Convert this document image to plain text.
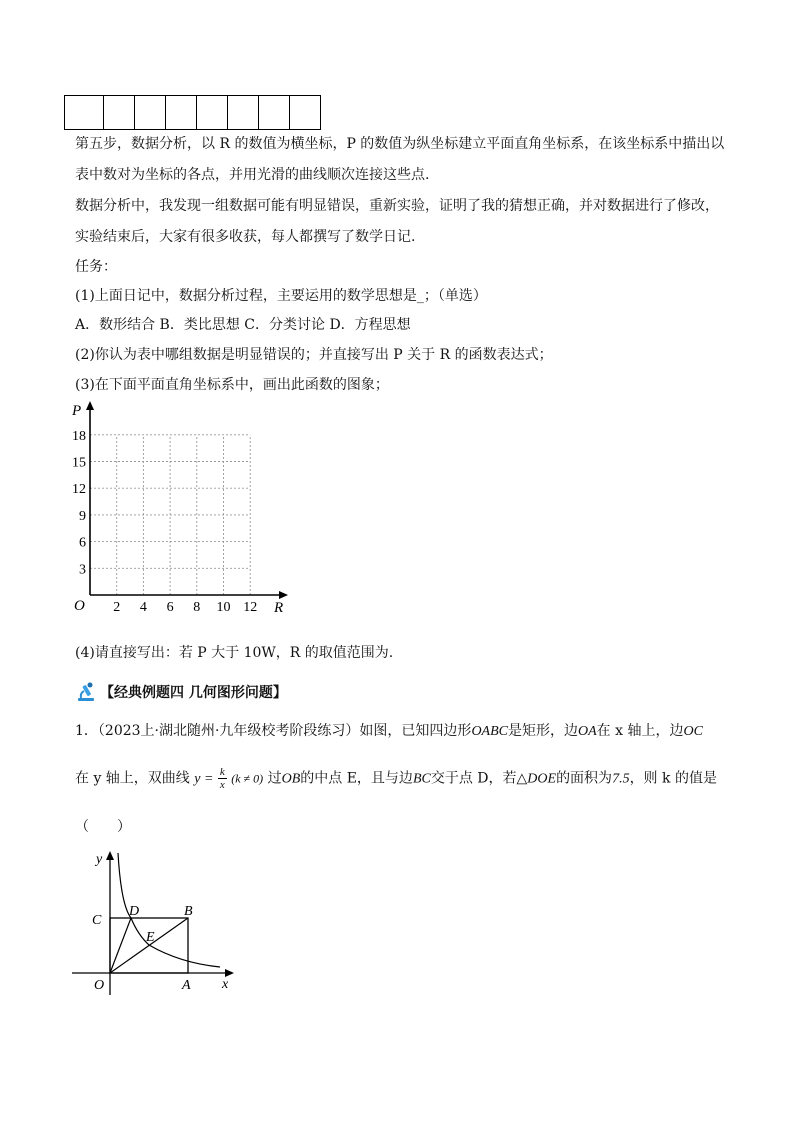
第五步，数据分析，以 R 的数值为横坐标，P 的数值为纵坐标建立平面直角坐标系，在该坐标系中描出以
表中数对为坐标的各点，并用光滑的曲线顺次连接这些点.
数据分析中，我发现一组数据可能有明显错误，重新实验，证明了我的猜想正确，并对数据进行了修改，
实验结束后，大家有很多收获，每人都撰写了数学日记.
任务：
(1)上面日记中，数据分析过程，主要运用的数学思想是_；（单选）
A．数形结合 B．类比思想 C．分类讨论 D．方程思想
(2)你认为表中哪组数据是明显错误的；并直接写出 P 关于 R 的函数表达式；
(3)在下面平面直角坐标系中，画出此函数的图象；
P
R
O
3
6
9
12
15
18
2 4 6 8 10 12
(4)请直接写出：若 P 大于 10W，R 的取值范围为.
【经典例题四 几何图形问题】
1．（2023上·湖北随州·九年级校考阶段练习）如图，已知四边形OABC是矩形，边OA在 x 轴上，边OC
在 y 轴上，双曲线 $y = \frac{k}{x} (k \ne 0)$ 过OB的中点 E，且与边BC交于点 D，若△DOE的面积为7.5，则 k 的值是
（　　）
y
x
O	A
B
C
D
E
